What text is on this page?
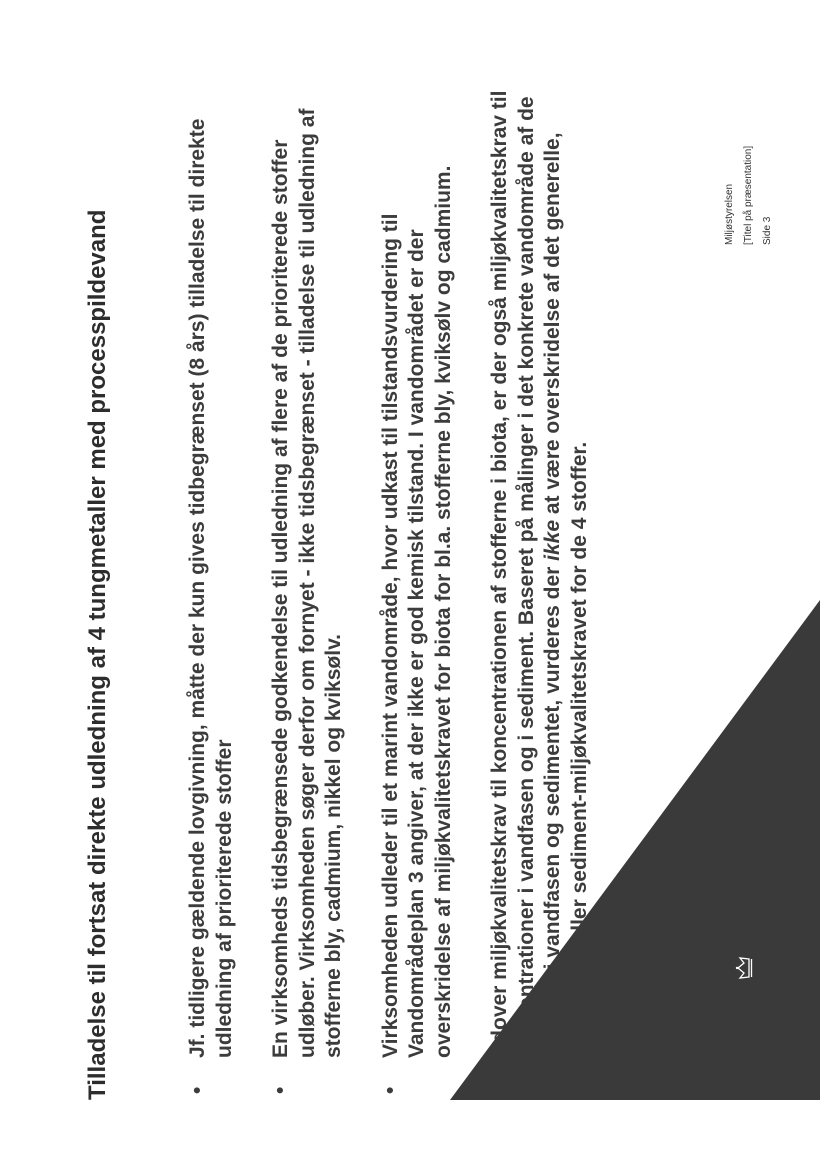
Tilladelse til fortsat direkte udledning af 4 tungmetaller med processpildevand	•
Jf. tidligere gældende lovgivning, måtte der kun gives tidbegrænset (8 års) tilladelse til direkte udledning af prioriterede stoffer
•
En virksomheds tidsbegrænsede godkendelse til udledning af flere af de prioriterede stoffer udløber. Virksomheden søger derfor om fornyet - ikke tidsbegrænset - tilladelse til udledning af stofferne bly, cadmium, nikkel og kviksølv.
•
Virksomheden udleder til et marint vandområde, hvor udkast til tilstandsvurdering til Vandområdeplan 3 angiver, at der ikke er god kemisk tilstand. I vandområdet er der overskridelse af miljøkvalitetskravet for biota for bl.a. stofferne bly, kviksølv og cadmium. Udover miljøkvalitetskrav til koncentrationen af stofferne i biota, er der også miljøkvalitetskrav til koncentrationer i vandfasen og i sediment. Baseret på målinger i det konkrete vandområde af de 4 stoffer i vandfasen og sedimentet, vurderes der ikke at være overskridelse af det generelle, maksimum eller sediment-miljøkvalitetskravet for de 4 stoffer.
Miljøstyrelsen [Titel på præsentation] Side 3
